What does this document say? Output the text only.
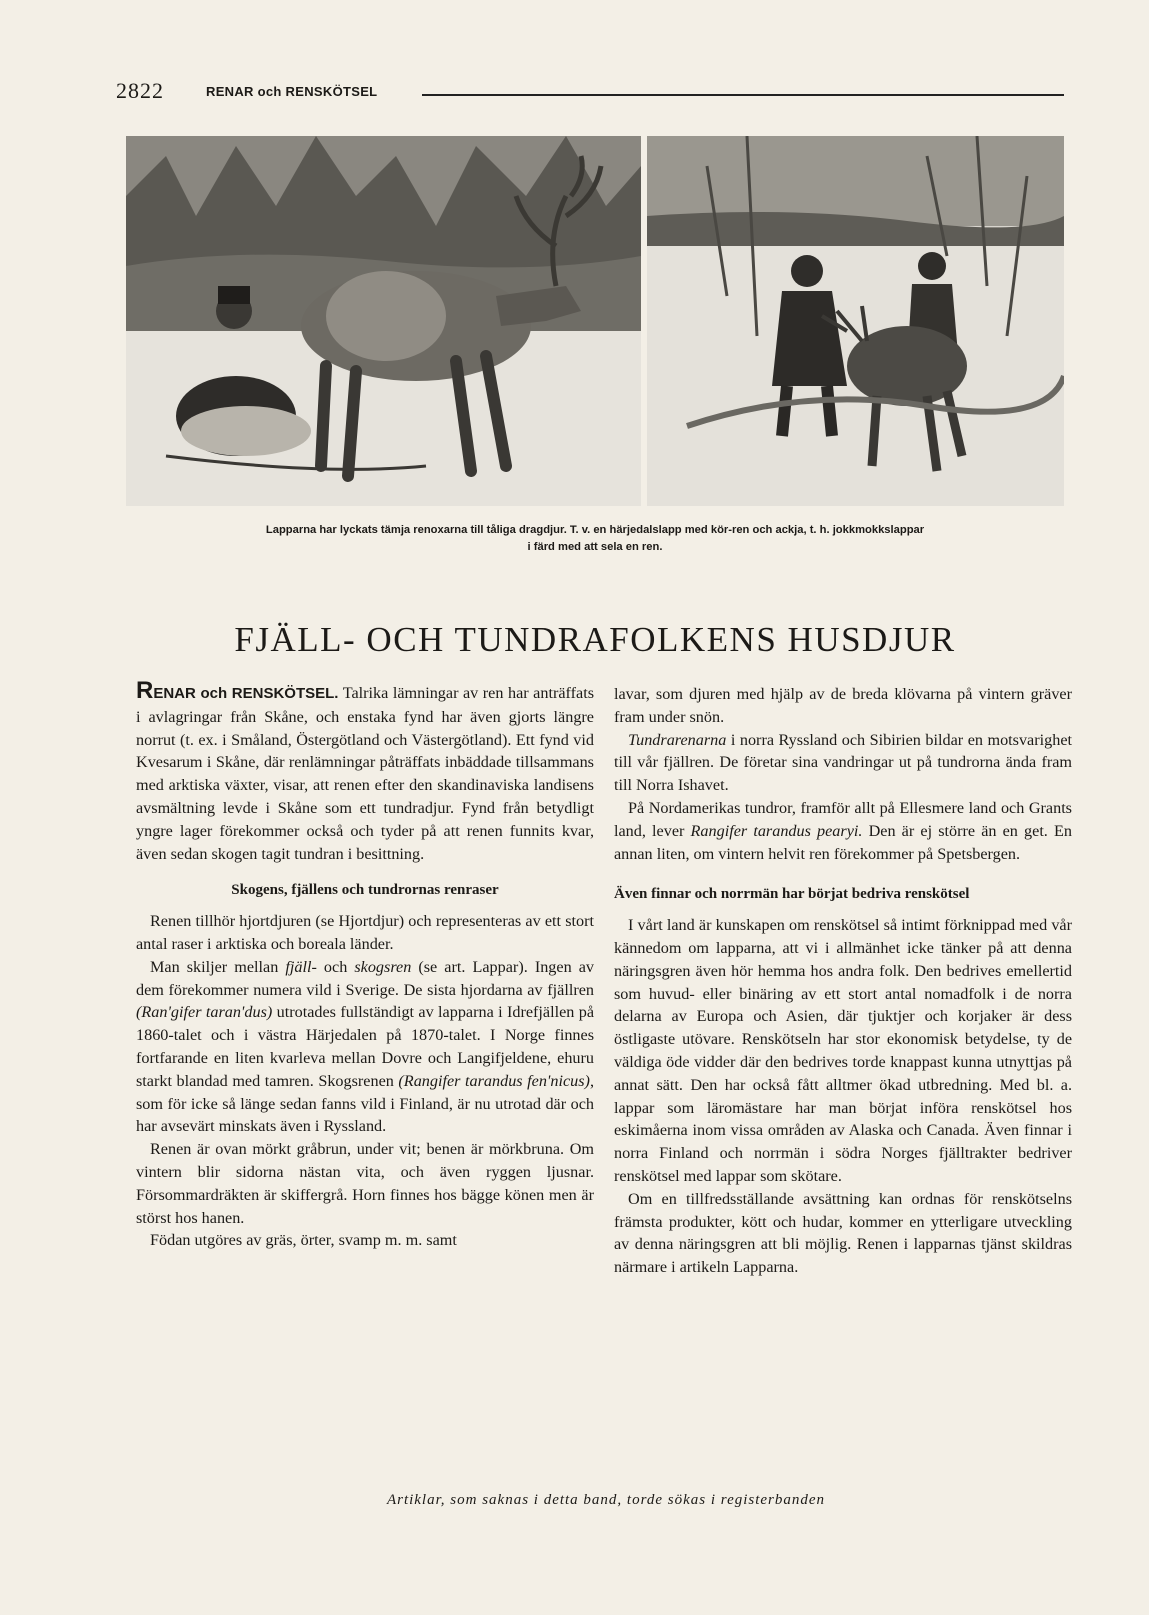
2822	RENAR och RENSKÖTSEL
Lapparna har lyckats tämja renoxarna till tåliga dragdjur. T. v. en härjedalslapp med kör-ren och ackja, t. h. jokkmokkslappar
i färd med att sela en ren.
FJÄLL- OCH TUNDRAFOLKENS HUSDJUR

RENAR och RENSKÖTSEL. Talrika lämningar av ren har anträffats i avlagringar från Skåne, och enstaka fynd har även gjorts längre norrut (t. ex. i Småland, Östergötland och Västergötland). Ett fynd vid Kvesarum i Skåne, där renlämningar påträffats inbäddade tillsammans med arktiska växter, visar, att renen efter den skandinaviska landisens avsmältning levde i Skåne som ett tundradjur. Fynd från betydligt yngre lager förekommer också och tyder på att renen funnits kvar, även sedan skogen tagit tundran i besittning.

Skogens, fjällens och tundrornas renraser

Renen tillhör hjortdjuren (se Hjortdjur) och representeras av ett stort antal raser i arktiska och boreala länder.

Man skiljer mellan fjäll- och skogsren (se art. Lappar). Ingen av dem förekommer numera vild i Sverige. De sista hjordarna av fjällren (Ran'gifer taran'dus) utrotades fullständigt av lapparna i Idrefjällen på 1860-talet och i västra Härjedalen på 1870-talet. I Norge finnes fortfarande en liten kvarleva mellan Dovre och Langifjeldene, ehuru starkt blandad med tamren. Skogsrenen (Rangifer tarandus fen'nicus), som för icke så länge sedan fanns vild i Finland, är nu utrotad där och har avsevärt minskats även i Ryssland.

Renen är ovan mörkt gråbrun, under vit; benen är mörkbruna. Om vintern blir sidorna nästan vita, och även ryggen ljusnar. Försommardräkten är skiffergrå. Horn finnes hos bägge könen men är störst hos hanen.

Födan utgöres av gräs, örter, svamp m. m. samt

lavar, som djuren med hjälp av de breda klövarna på vintern gräver fram under snön.

Tundrarenarna i norra Ryssland och Sibirien bildar en motsvarighet till vår fjällren. De företar sina vandringar ut på tundrorna ända fram till Norra Ishavet.

På Nordamerikas tundror, framför allt på Ellesmere land och Grants land, lever Rangifer tarandus pearyi. Den är ej större än en get. En annan liten, om vintern helvit ren förekommer på Spetsbergen.

Även finnar och norrmän har börjat bedriva renskötsel

I vårt land är kunskapen om renskötsel så intimt förknippad med vår kännedom om lapparna, att vi i allmänhet icke tänker på att denna näringsgren även hör hemma hos andra folk. Den bedrives emellertid som huvud- eller binäring av ett stort antal nomadfolk i de norra delarna av Europa och Asien, där tjuktjer och korjaker är dess östligaste utövare. Renskötseln har stor ekonomisk betydelse, ty de väldiga öde vidder där den bedrives torde knappast kunna utnyttjas på annat sätt. Den har också fått alltmer ökad utbredning. Med bl. a. lappar som läromästare har man börjat införa renskötsel hos eskimåerna inom vissa områden av Alaska och Canada. Även finnar i norra Finland och norrmän i södra Norges fjälltrakter bedriver renskötsel med lappar som skötare.

Om en tillfredsställande avsättning kan ordnas för renskötselns främsta produkter, kött och hudar, kommer en ytterligare utveckling av denna näringsgren att bli möjlig. Renen i lapparnas tjänst skildras närmare i artikeln Lapparna.

Artiklar, som saknas i detta band, torde sökas i registerbanden
